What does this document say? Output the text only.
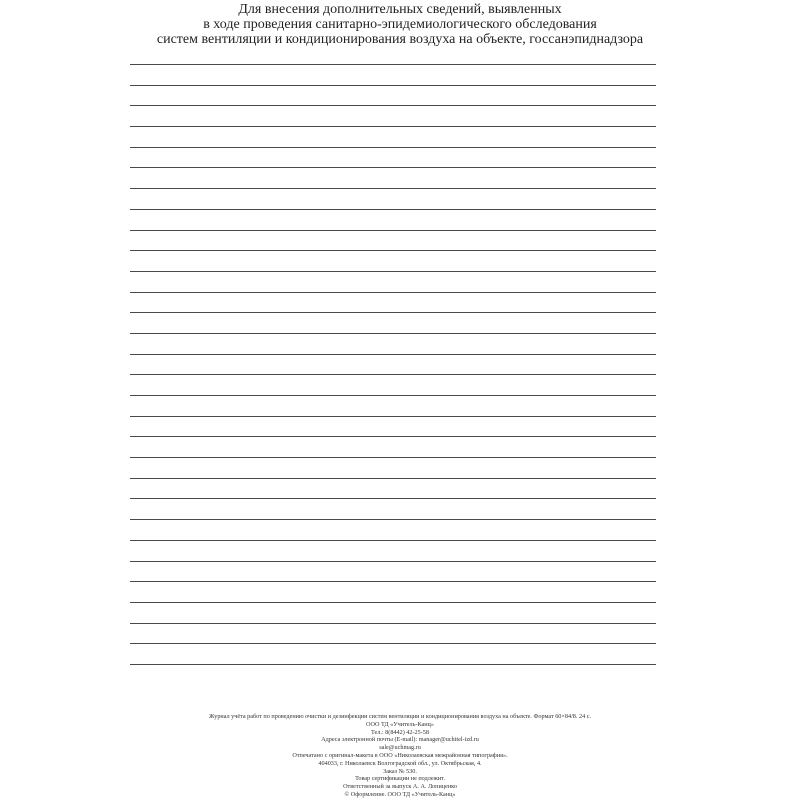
Для внесения дополнительных сведений, выявленных
в ходе проведения санитарно-эпидемиологического обследования
систем вентиляции и кондиционирования воздуха на объекте, госсанэпиднадзора
Журнал учёта работ по проведению очистки и дезинфекции систем вентиляции и кондиционирования воздуха на объекте. Формат 60×84/8. 24 с.
ООО ТД «Учитель-Канц»
Тел.: 8(8442) 42-25-58
Адреса электронной почты (E-mail): manager@uchitel-izd.ru
sale@uchmag.ru
Отпечатано с оригинал-макета в ООО «Николаевская межрайонная типография».
404033, г. Николаевск Волгоградской обл., ул. Октябрьская, 4.
Заказ № 530.
Товар сертификации не подлежит.
Ответственный за выпуск А. А. Лопиценко
© Оформление. ООО ТД «Учитель-Канц»
